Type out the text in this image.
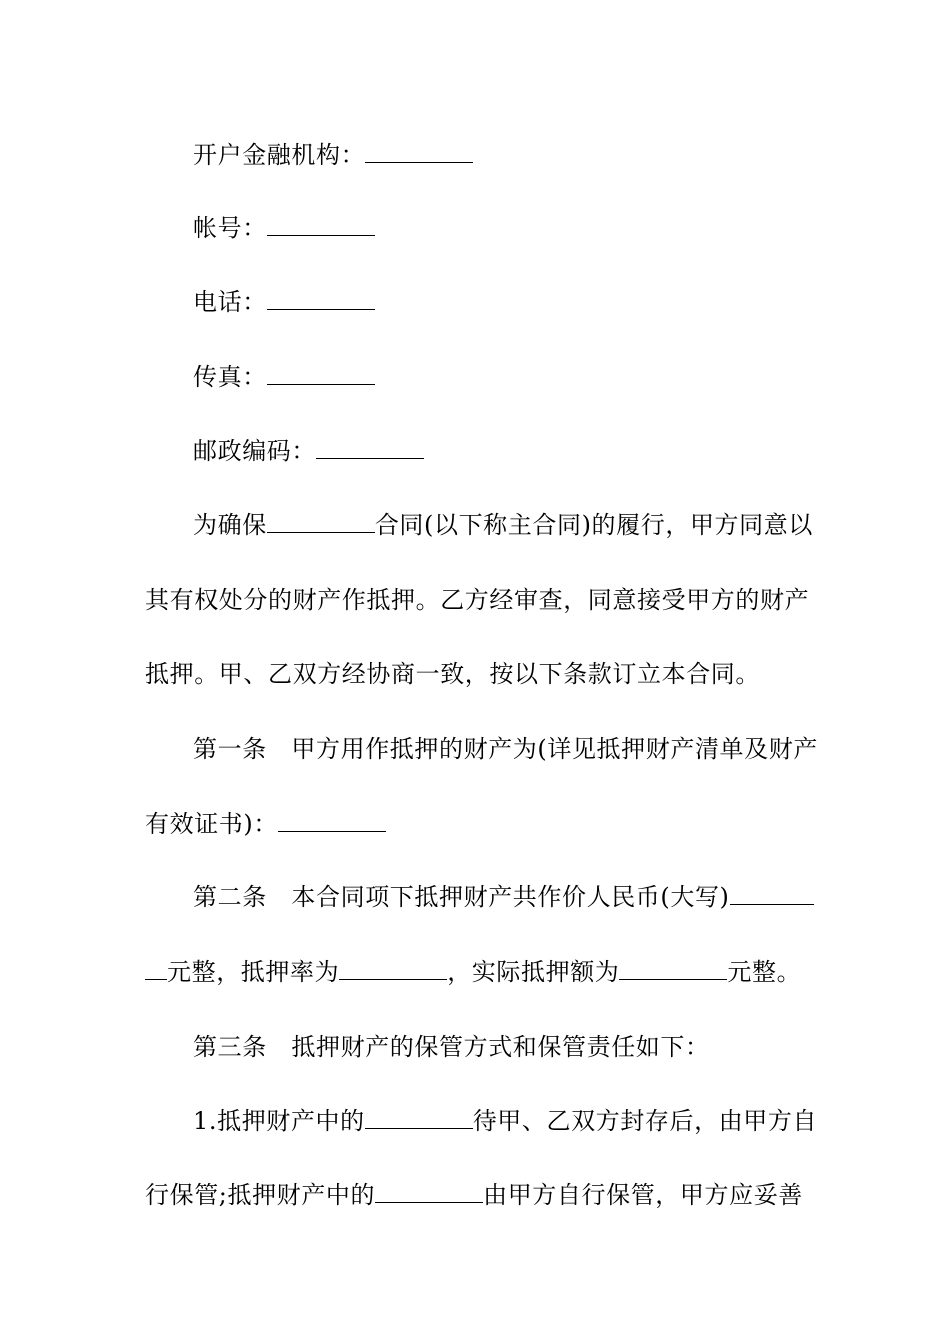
开户金融机构：
帐号：
电话：
传真：
邮政编码：
为确保	合同(以下称主合同)的履行，甲方同意以
其有权处分的财产作抵押。乙方经审查，同意接受甲方的财产
抵押。甲、乙双方经协商一致，按以下条款订立本合同。
第一条　甲方用作抵押的财产为(详见抵押财产清单及财产
有效证书)：
第二条　本合同项下抵押财产共作价人民币(大写)
元整，抵押率为	，实际抵押额为	元整。
第三条　抵押财产的保管方式和保管责任如下：
1.抵押财产中的	待甲、乙双方封存后，由甲方自
行保管;抵押财产中的	由甲方自行保管，甲方应妥善
